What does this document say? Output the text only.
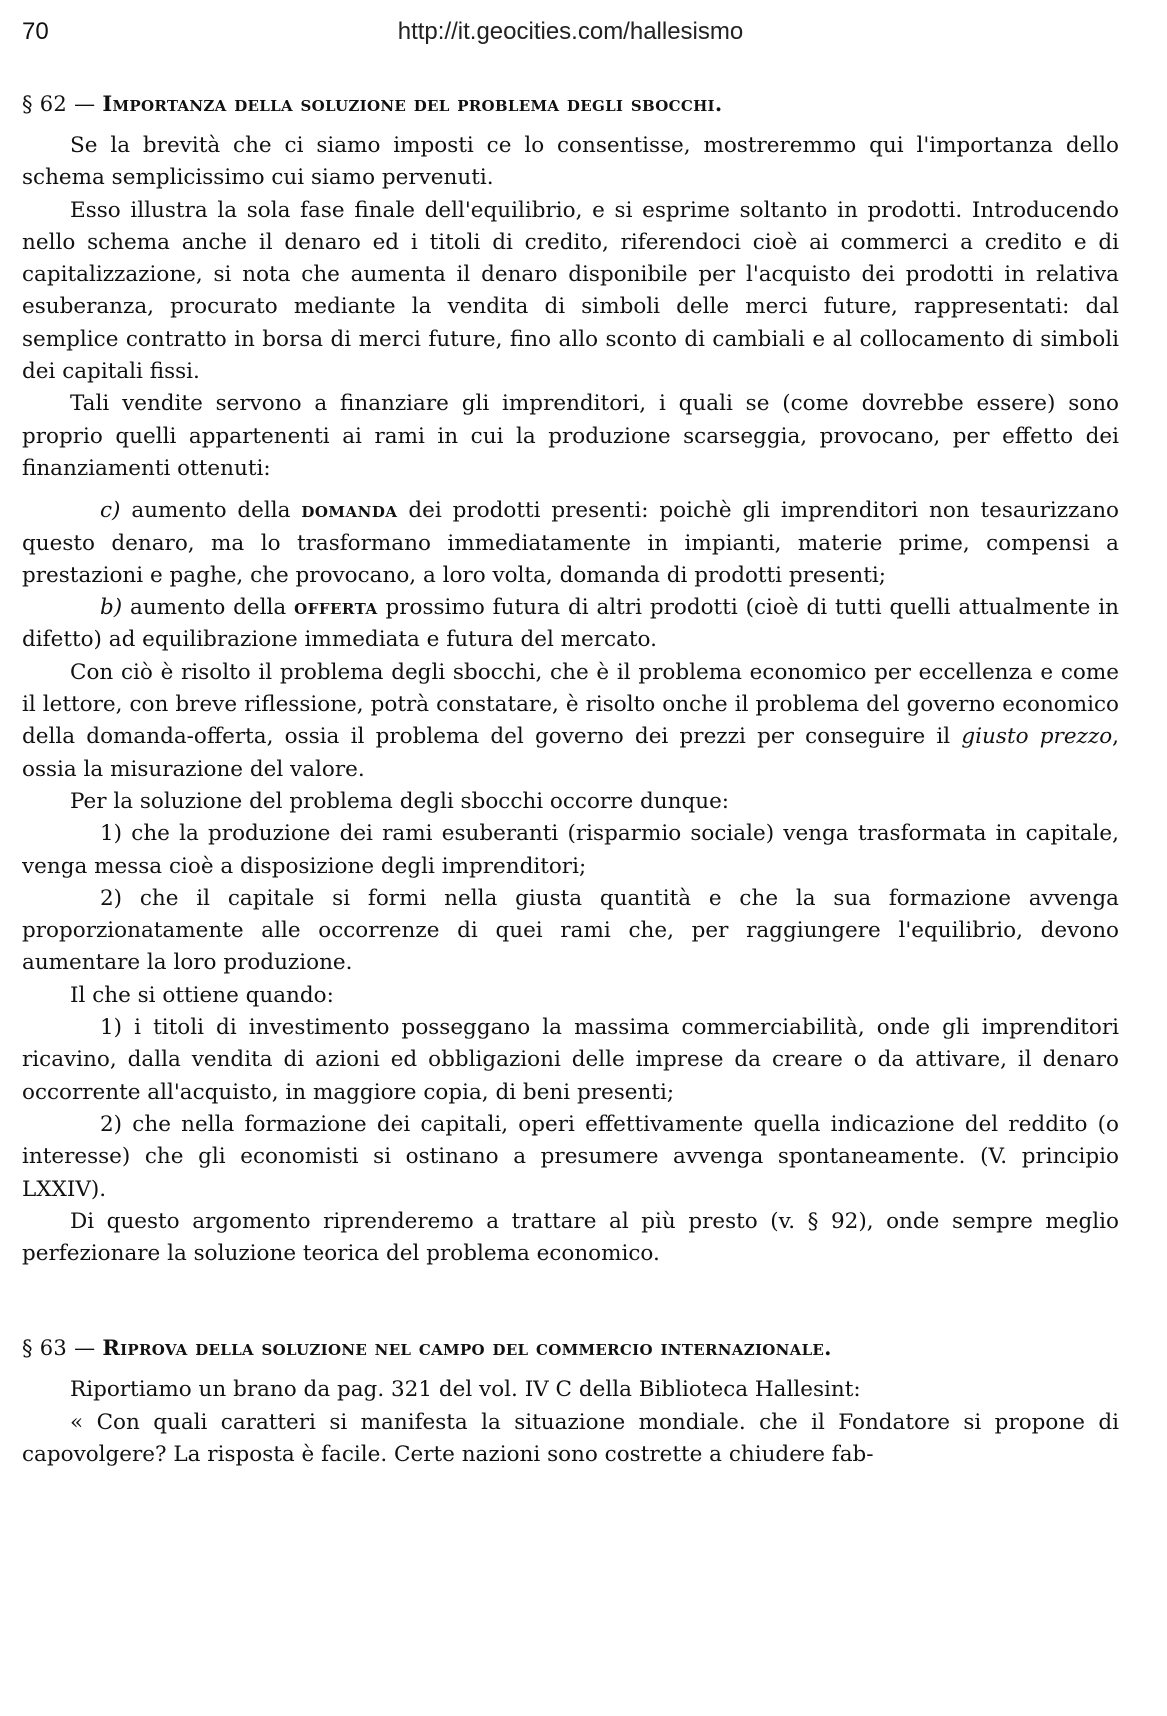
70	http://it.geocities.com/hallesismo
§ 62 — Importanza della soluzione del problema degli sbocchi.

Se la brevità che ci siamo imposti ce lo consentisse, mostreremmo qui l'importanza dello schema semplicissimo cui siamo pervenuti.

Esso illustra la sola fase finale dell'equilibrio, e si esprime soltanto in prodotti. Introducendo nello schema anche il denaro ed i titoli di credito, riferendoci cioè ai commerci a credito e di capitalizzazione, si nota che aumenta il denaro disponibile per l'acquisto dei prodotti in relativa esuberanza, procurato mediante la vendita di simboli delle merci future, rappresentati: dal semplice contratto in borsa di merci future, fino allo sconto di cambiali e al collocamento di simboli dei capitali fissi.

Tali vendite servono a finanziare gli imprenditori, i quali se (come dovrebbe essere) sono proprio quelli appartenenti ai rami in cui la produzione scarseggia, provocano, per effetto dei finanziamenti ottenuti:

c) aumento della domanda dei prodotti presenti: poichè gli imprenditori non tesaurizzano questo denaro, ma lo trasformano immediatamente in impianti, materie prime, compensi a prestazioni e paghe, che provocano, a loro volta, domanda di prodotti presenti;

b) aumento della offerta prossimo futura di altri prodotti (cioè di tutti quelli attualmente in difetto) ad equilibrazione immediata e futura del mercato.

Con ciò è risolto il problema degli sbocchi, che è il problema economico per eccellenza e come il lettore, con breve riflessione, potrà constatare, è risolto onche il problema del governo economico della domanda-offerta, ossia il problema del governo dei prezzi per conseguire il giusto prezzo, ossia la misurazione del valore.

Per la soluzione del problema degli sbocchi occorre dunque:

1) che la produzione dei rami esuberanti (risparmio sociale) venga trasformata in capitale, venga messa cioè a disposizione degli imprenditori;

2) che il capitale si formi nella giusta quantità e che la sua formazione avvenga proporzionatamente alle occorrenze di quei rami che, per raggiungere l'equilibrio, devono aumentare la loro produzione.

Il che si ottiene quando:

1) i titoli di investimento posseggano la massima commerciabilità, onde gli imprenditori ricavino, dalla vendita di azioni ed obbligazioni delle imprese da creare o da attivare, il denaro occorrente all'acquisto, in maggiore copia, di beni presenti;

2) che nella formazione dei capitali, operi effettivamente quella indicazione del reddito (o interesse) che gli economisti si ostinano a presumere avvenga spontaneamente. (V. principio LXXIV).

Di questo argomento riprenderemo a trattare al più presto (v. § 92), onde sempre meglio perfezionare la soluzione teorica del problema economico.

§ 63 — Riprova della soluzione nel campo del commercio internazionale.

Riportiamo un brano da pag. 321 del vol. IV C della Biblioteca Hallesint:

« Con quali caratteri si manifesta la situazione mondiale. che il Fondatore si propone di capovolgere? La risposta è facile. Certe nazioni sono costrette a chiudere fab-
